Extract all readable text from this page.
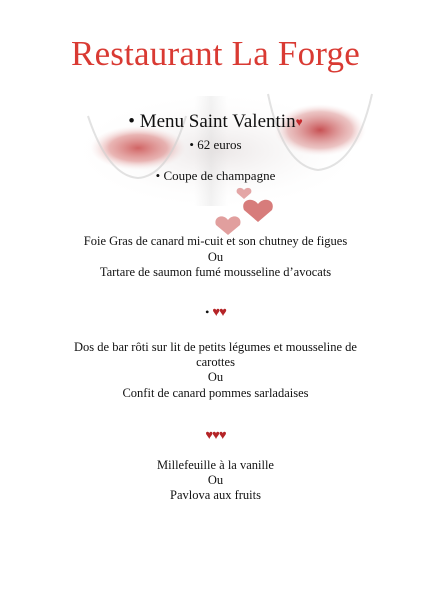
Restaurant La Forge
• Menu Saint Valentin♥
• 62 euros
• Coupe de champagne
Foie Gras de canard mi-cuit et son chutney de figues
Ou
Tartare de saumon fumé mousseline d’avocats
• ♥♥
Dos de bar rôti sur lit de petits légumes et mousseline de
carottes
Ou
Confit de canard pommes sarladaises
♥♥♥
Millefeuille à la vanille
Ou
Pavlova aux fruits
